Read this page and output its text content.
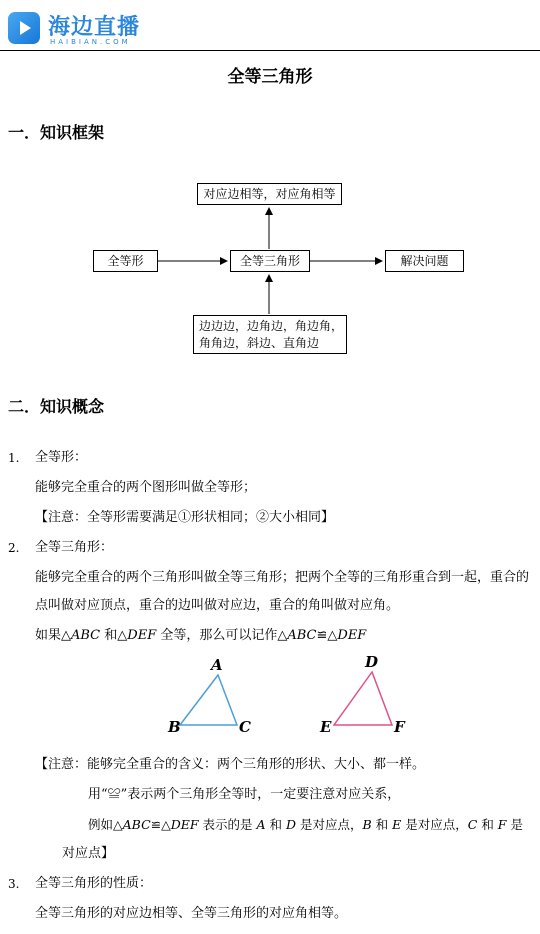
海边直播
HAIBIAN.COM
全等三角形
一．知识框架
对应边相等，对应角相等
全等形	全等三角形	解决问题
边边边，边角边，角边角，
角角边，斜边、直角边
二．知识概念
1. 全等形：
能够完全重合的两个图形叫做全等形；
【注意：全等形需要满足①形状相同；②大小相同】
2. 全等三角形：
能够完全重合的两个三角形叫做全等三角形；把两个全等的三角形重合到一起，重合的
点叫做对应顶点，重合的边叫做对应边，重合的角叫做对应角。
如果△ABC 和△DEF 全等，那么可以记作△ABC≌△DEF
A
B	C
D
E	F
【注意：能够完全重合的含义：两个三角形的形状、大小、都一样。
用“≌”表示两个三角形全等时，一定要注意对应关系，
例如△ABC≌△DEF 表示的是 A 和 D 是对应点，B 和 E 是对应点，C 和 F 是
对应点】
3. 全等三角形的性质：
全等三角形的对应边相等、全等三角形的对应角相等。
